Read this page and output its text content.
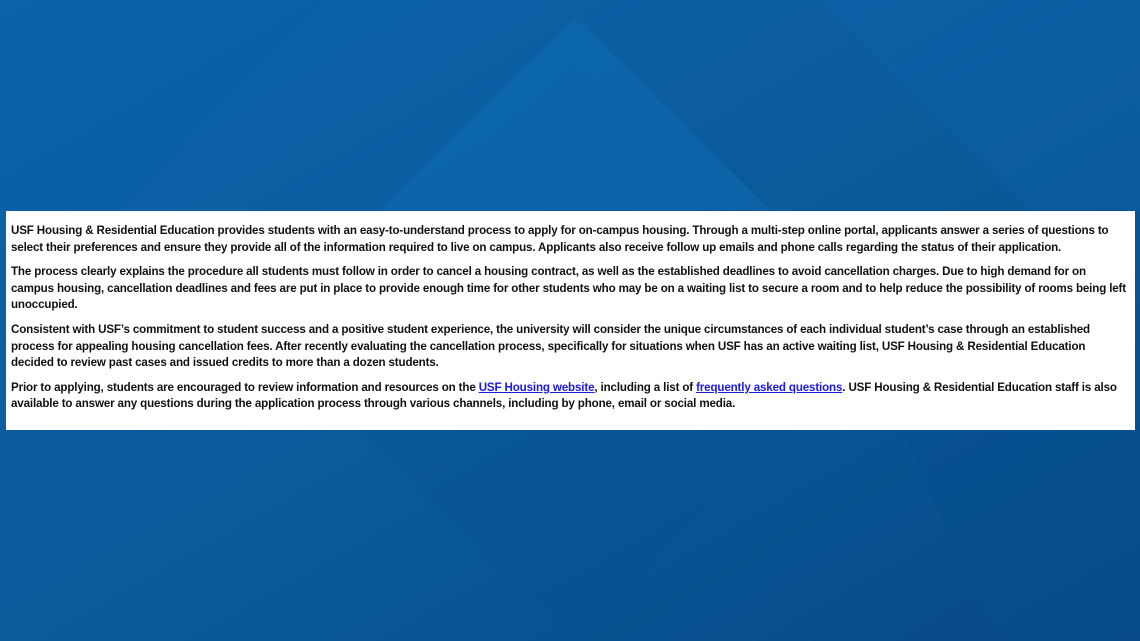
USF Housing & Residential Education provides students with an easy-to-understand process to apply for on-campus housing. Through a multi-step online portal, applicants answer a series of questions to select their preferences and ensure they provide all of the information required to live on campus. Applicants also receive follow up emails and phone calls regarding the status of their application.

The process clearly explains the procedure all students must follow in order to cancel a housing contract, as well as the established deadlines to avoid cancellation charges. Due to high demand for on campus housing, cancellation deadlines and fees are put in place to provide enough time for other students who may be on a waiting list to secure a room and to help reduce the possibility of rooms being left unoccupied.

Consistent with USF’s commitment to student success and a positive student experience, the university will consider the unique circumstances of each individual student’s case through an established process for appealing housing cancellation fees. After recently evaluating the cancellation process, specifically for situations when USF has an active waiting list, USF Housing & Residential Education decided to review past cases and issued credits to more than a dozen students.

Prior to applying, students are encouraged to review information and resources on the USF Housing website, including a list of frequently asked questions. USF Housing & Residential Education staff is also available to answer any questions during the application process through various channels, including by phone, email or social media.
